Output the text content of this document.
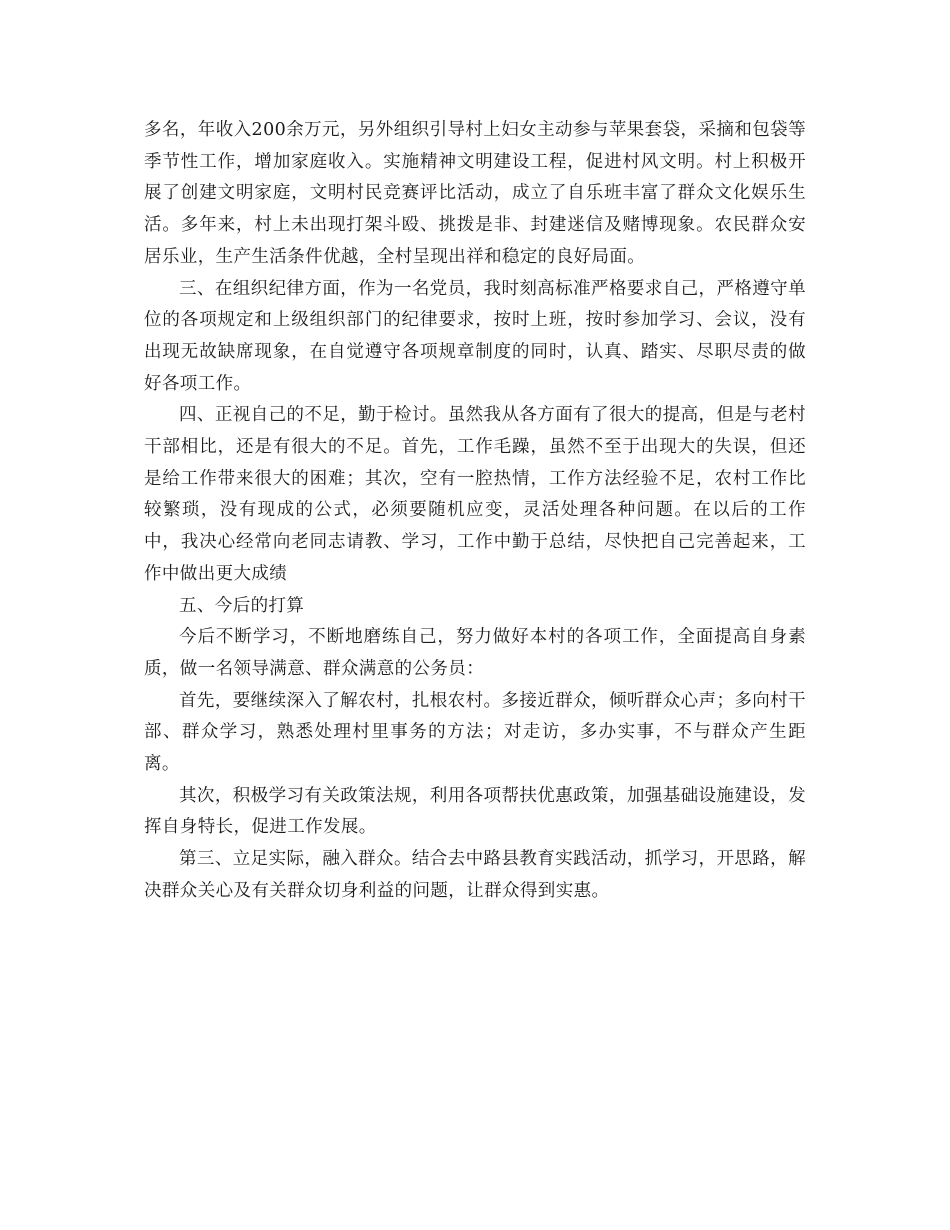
多名，年收入200余万元，另外组织引导村上妇女主动参与苹果套袋，采摘和包袋等季节性工作，增加家庭收入。实施精神文明建设工程，促进村风文明。村上积极开展了创建文明家庭，文明村民竞赛评比活动，成立了自乐班丰富了群众文化娱乐生活。多年来，村上未出现打架斗殴、挑拨是非、封建迷信及赌博现象。农民群众安居乐业，生产生活条件优越，全村呈现出祥和稳定的良好局面。

三、在组织纪律方面，作为一名党员，我时刻高标准严格要求自己，严格遵守单位的各项规定和上级组织部门的纪律要求，按时上班，按时参加学习、会议，没有出现无故缺席现象，在自觉遵守各项规章制度的同时，认真、踏实、尽职尽责的做好各项工作。

四、正视自己的不足，勤于检讨。虽然我从各方面有了很大的提高，但是与老村干部相比，还是有很大的不足。首先，工作毛躁，虽然不至于出现大的失误，但还是给工作带来很大的困难；其次，空有一腔热情，工作方法经验不足，农村工作比较繁琐，没有现成的公式，必须要随机应变，灵活处理各种问题。在以后的工作中，我决心经常向老同志请教、学习，工作中勤于总结，尽快把自己完善起来，工作中做出更大成绩

五、今后的打算

今后不断学习，不断地磨练自己，努力做好本村的各项工作，全面提高自身素质，做一名领导满意、群众满意的公务员：

首先，要继续深入了解农村，扎根农村。多接近群众，倾听群众心声；多向村干部、群众学习，熟悉处理村里事务的方法；对走访，多办实事，不与群众产生距离。

其次，积极学习有关政策法规，利用各项帮扶优惠政策，加强基础设施建设，发挥自身特长，促进工作发展。

第三、立足实际，融入群众。结合去中路县教育实践活动，抓学习，开思路，解决群众关心及有关群众切身利益的问题，让群众得到实惠。
